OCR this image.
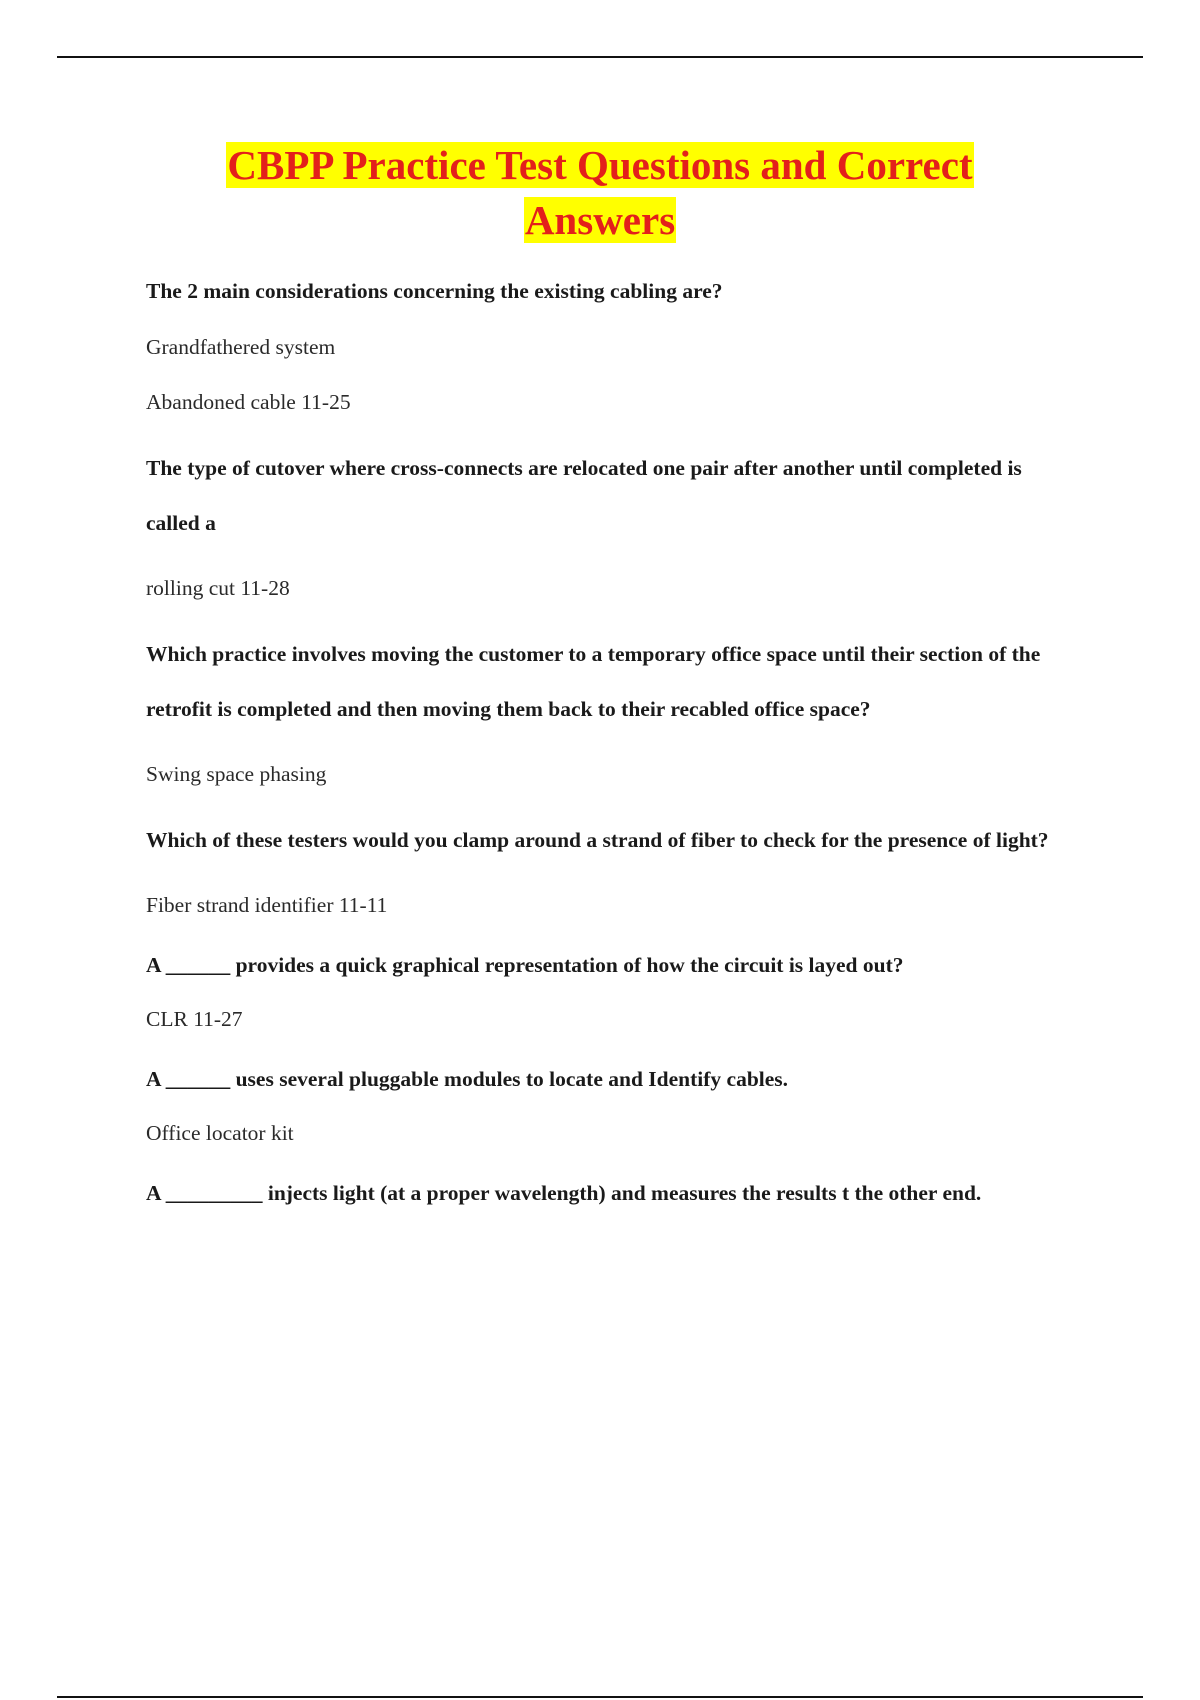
CBPP Practice Test Questions and Correct
Answers

The 2 main considerations concerning the existing cabling are?

Grandfathered system

Abandoned cable 11-25

The type of cutover where cross-connects are relocated one pair after another until completed is called a

rolling cut 11-28

Which practice involves moving the customer to a temporary office space until their section of the retrofit is completed and then moving them back to their recabled office space?

Swing space phasing

Which of these testers would you clamp around a strand of fiber to check for the presence of light?

Fiber strand identifier 11-11

A ______ provides a quick graphical representation of how the circuit is layed out?

CLR 11-27

A ______ uses several pluggable modules to locate and Identify cables.

Office locator kit

A _________ injects light (at a proper wavelength) and measures the results t the other end.
